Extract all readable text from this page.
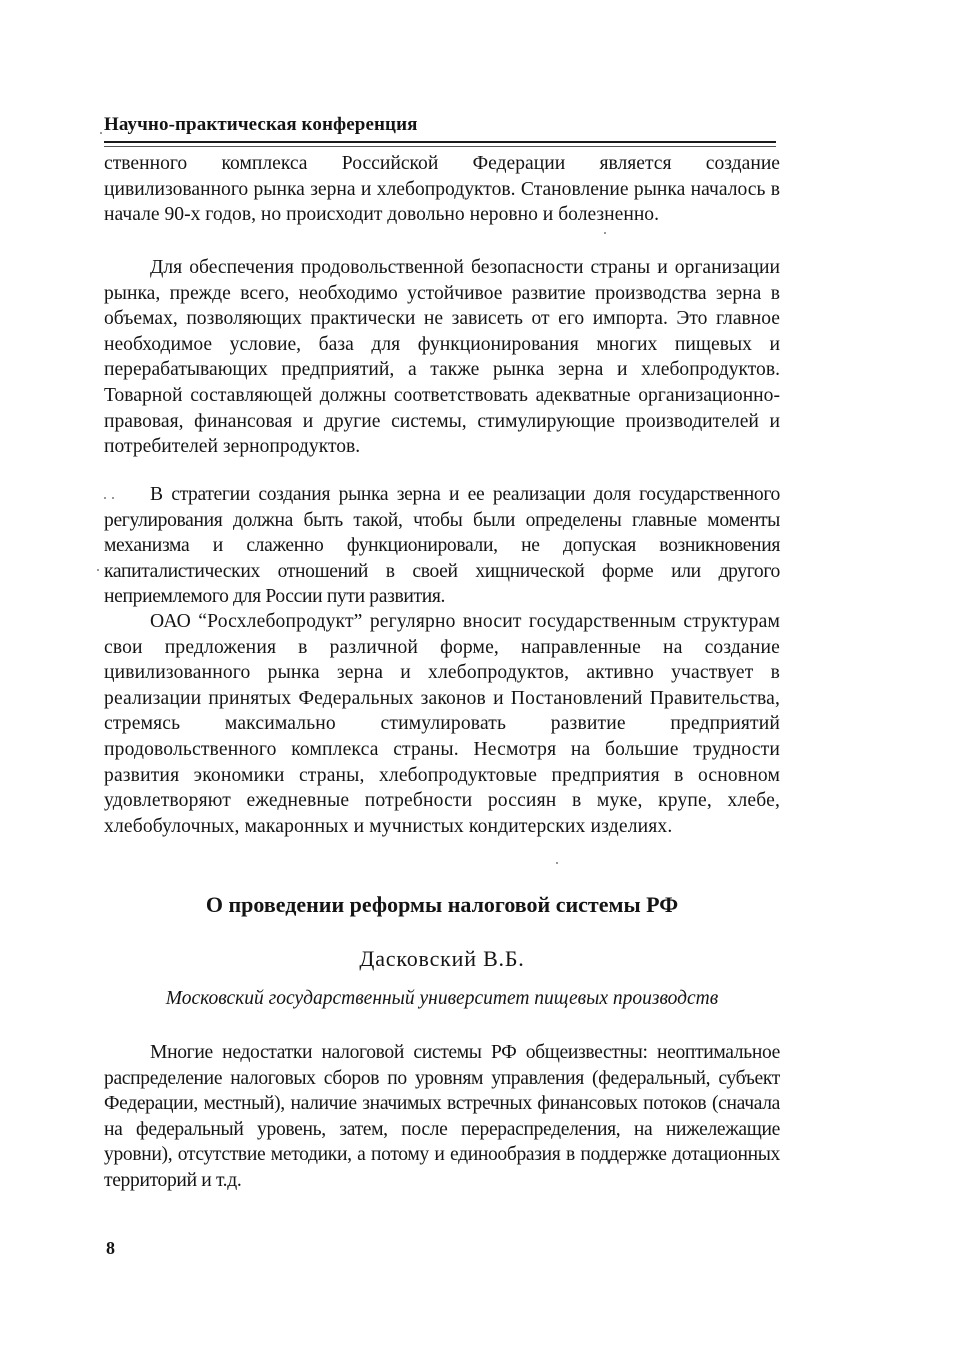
Научно-практическая конференция

ственного комплекса Российской Федерации является создание цивилизованного рынка зерна и хлебопродуктов. Становление рынка началось в начале 90-х годов, но происходит довольно неровно и болезненно.

Для обеспечения продовольственной безопасности страны и организации рынка, прежде всего, необходимо устойчивое развитие производства зерна в объемах, позволяющих практически не зависеть от его импорта. Это главное необходимое условие, база для функционирования многих пищевых и перерабатывающих предприятий, а также рынка зерна и хлебопродуктов. Товарной составляющей должны соответствовать адекватные организационно-правовая, финансовая и другие системы, стимулирующие производителей и потребителей зернопродуктов.

В стратегии создания рынка зерна и ее реализации доля государственного регулирования должна быть такой, чтобы были определены главные моменты механизма и слаженно функционировали, не допуская возникновения капиталистических отношений в своей хищнической форме или другого неприемлемого для России пути развития.

ОАО “Росхлебопродукт” регулярно вносит государственным структурам свои предложения в различной форме, направленные на создание цивилизованного рынка зерна и хлебопродуктов, активно участвует в реализации принятых Федеральных законов и Постановлений Правительства, стремясь максимально стимулировать развитие предприятий продовольственного комплекса страны. Несмотря на большие трудности развития экономики страны, хлебопродуктовые предприятия в основном удовлетворяют ежедневные потребности россиян в муке, крупе, хлебе, хлебобулочных, макаронных и мучнистых кондитерских изделиях.

О проведении реформы налоговой системы РФ
Дасковский В.Б.
Московский государственный университет пищевых производств

Многие недостатки налоговой системы РФ общеизвестны: неоптимальное распределение налоговых сборов по уровням управления (федеральный, субъект Федерации, местный), наличие значимых встречных финансовых потоков (сначала на федеральный уровень, затем, после перераспределения, на нижележащие уровни), отсутствие методики, а потому и единообразия в поддержке дотационных территорий и т.д.

8
